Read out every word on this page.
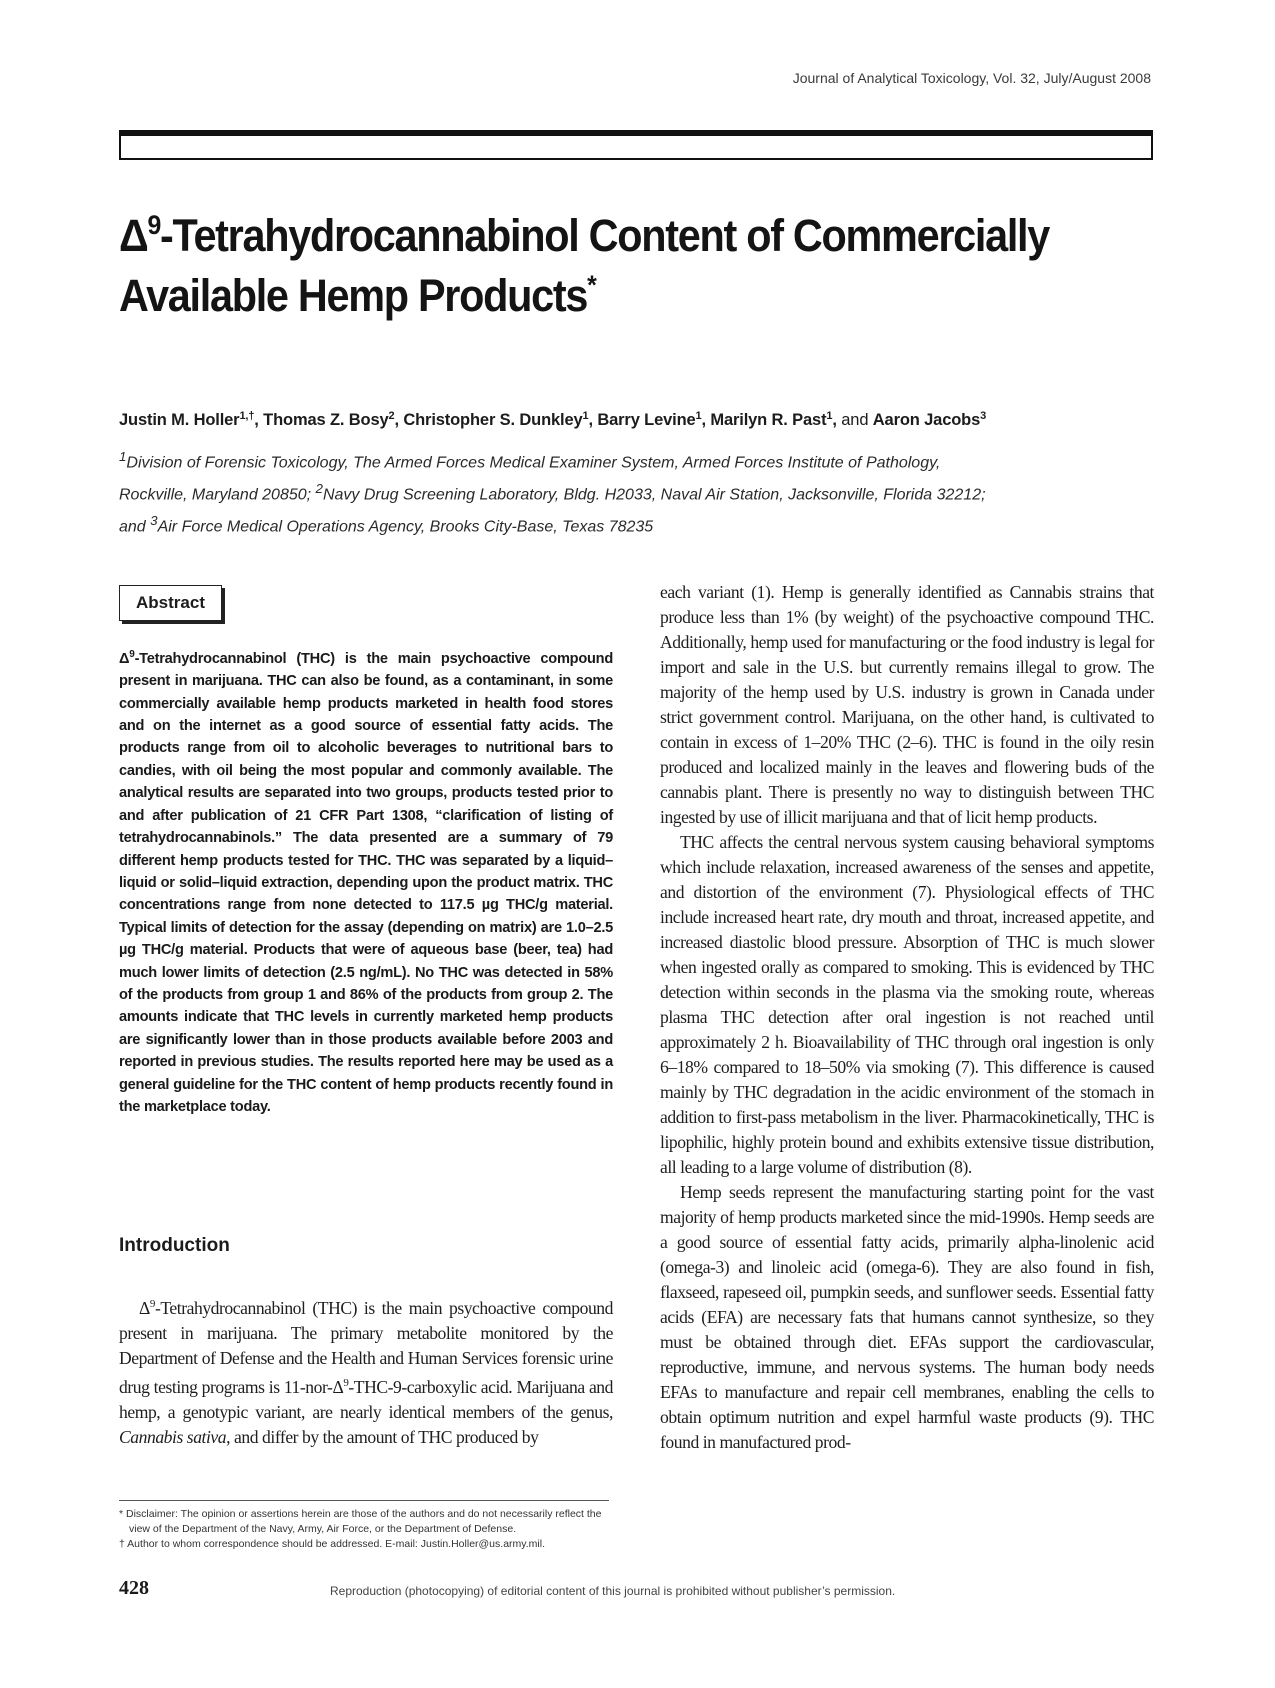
Journal of Analytical Toxicology, Vol. 32, July/August 2008
$\Delta^9$-Tetrahydrocannabinol Content of Commercially
Available Hemp Products*
Justin M. Holler$^{1,\dagger}$, Thomas Z. Bosy$^2$, Christopher S. Dunkley$^1$, Barry Levine$^1$, Marilyn R. Past$^1$, and Aaron Jacobs$^3$
$^1$Division of Forensic Toxicology, The Armed Forces Medical Examiner System, Armed Forces Institute of Pathology,
Rockville, Maryland 20850; $^2$Navy Drug Screening Laboratory, Bldg. H2033, Naval Air Station, Jacksonville, Florida 32212;
and $^3$Air Force Medical Operations Agency, Brooks City-Base, Texas 78235
Abstract

$\Delta^9$-Tetrahydrocannabinol (THC) is the main psychoactive compound present in marijuana. THC can also be found, as a contaminant, in some commercially available hemp products marketed in health food stores and on the internet as a good source of essential fatty acids. The products range from oil to alcoholic beverages to nutritional bars to candies, with oil being the most popular and commonly available. The analytical results are separated into two groups, products tested prior to and after publication of 21 CFR Part 1308, “clarification of listing of tetrahydrocannabinols.” The data presented are a summary of 79 different hemp products tested for THC. THC was separated by a liquid–liquid or solid–liquid extraction, depending upon the product matrix. THC concentrations range from none detected to 117.5 µg THC/g material. Typical limits of detection for the assay (depending on matrix) are 1.0–2.5 µg THC/g material. Products that were of aqueous base (beer, tea) had much lower limits of detection (2.5 ng/mL). No THC was detected in 58% of the products from group 1 and 86% of the products from group 2. The amounts indicate that THC levels in currently marketed hemp products are significantly lower than in those products available before 2003 and reported in previous studies. The results reported here may be used as a general guideline for the THC content of hemp products recently found in the marketplace today.

Introduction

$\Delta^9$-Tetrahydrocannabinol (THC) is the main psychoactive compound present in marijuana. The primary metabolite monitored by the Department of Defense and the Health and Human Services forensic urine drug testing programs is $11-nor-\Delta^9-THC-9$-carboxylic acid. Marijuana and hemp, a genotypic variant, are nearly identical members of the genus, Cannabis sativa, and differ by the amount of THC produced by

each variant (1). Hemp is generally identified as Cannabis strains that produce less than 1% (by weight) of the psychoactive compound THC. Additionally, hemp used for manufacturing or the food industry is legal for import and sale in the U.S. but currently remains illegal to grow. The majority of the hemp used by U.S. industry is grown in Canada under strict government control. Marijuana, on the other hand, is cultivated to contain in excess of 1–20% THC (2–6). THC is found in the oily resin produced and localized mainly in the leaves and flowering buds of the cannabis plant. There is presently no way to distinguish between THC ingested by use of illicit marijuana and that of licit hemp products.

THC affects the central nervous system causing behavioral symptoms which include relaxation, increased awareness of the senses and appetite, and distortion of the environment (7). Physiological effects of THC include increased heart rate, dry mouth and throat, increased appetite, and increased diastolic blood pressure. Absorption of THC is much slower when ingested orally as compared to smoking. This is evidenced by THC detection within seconds in the plasma via the smoking route, whereas plasma THC detection after oral ingestion is not reached until approximately 2 h. Bioavailability of THC through oral ingestion is only 6–18% compared to 18–50% via smoking (7). This difference is caused mainly by THC degradation in the acidic environment of the stomach in addition to first-pass metabolism in the liver. Pharmacokinetically, THC is lipophilic, highly protein bound and exhibits extensive tissue distribution, all leading to a large volume of distribution (8).

Hemp seeds represent the manufacturing starting point for the vast majority of hemp products marketed since the mid-1990s. Hemp seeds are a good source of essential fatty acids, primarily alpha-linolenic acid (omega-3) and linoleic acid (omega-6). They are also found in fish, flaxseed, rapeseed oil, pumpkin seeds, and sunflower seeds. Essential fatty acids (EFA) are necessary fats that humans cannot synthesize, so they must be obtained through diet. EFAs support the cardiovascular, reproductive, immune, and nervous systems. The human body needs EFAs to manufacture and repair cell membranes, enabling the cells to obtain optimum nutrition and expel harmful waste products (9). THC found in manufactured prod-

* Disclaimer: The opinion or assertions herein are those of the authors and do not necessarily reflect the view of the Department of the Navy, Army, Air Force, or the Department of Defense.

† Author to whom correspondence should be addressed. E-mail: Justin.Holler@us.army.mil.

428	Reproduction (photocopying) of editorial content of this journal is prohibited without publisher’s permission.
